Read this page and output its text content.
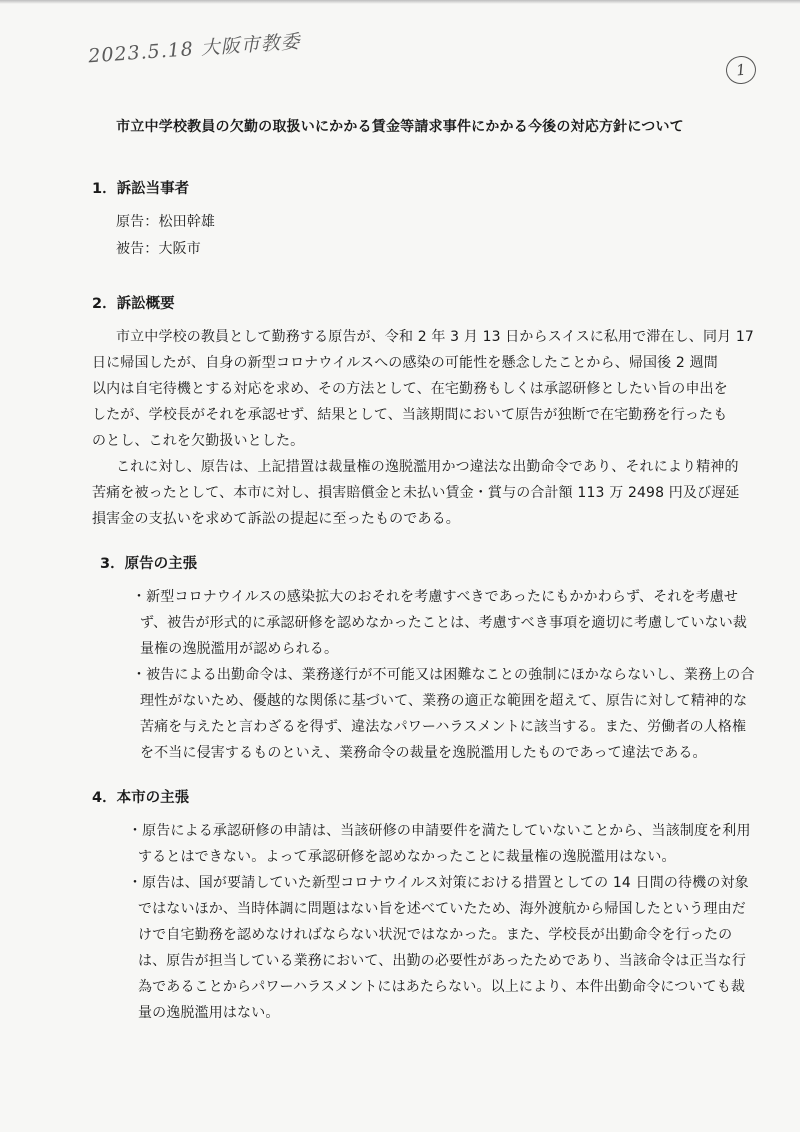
2023.5.18 大阪市教委
1
市立中学校教員の欠勤の取扱いにかかる賃金等請求事件にかかる今後の対応方針について
1．訴訟当事者
原告：松田幹雄
被告：大阪市
2．訴訟概要
市立中学校の教員として勤務する原告が、令和 2 年 3 月 13 日からスイスに私用で滞在し、同月 17
日に帰国したが、自身の新型コロナウイルスへの感染の可能性を懸念したことから、帰国後 2 週間
以内は自宅待機とする対応を求め、その方法として、在宅勤務もしくは承認研修としたい旨の申出を
したが、学校長がそれを承認せず、結果として、当該期間において原告が独断で在宅勤務を行ったも
のとし、これを欠勤扱いとした。
これに対し、原告は、上記措置は裁量権の逸脱濫用かつ違法な出勤命令であり、それにより精神的
苦痛を被ったとして、本市に対し、損害賠償金と未払い賃金・賞与の合計額 113 万 2498 円及び遅延
損害金の支払いを求めて訴訟の提起に至ったものである。
3．原告の主張
・新型コロナウイルスの感染拡大のおそれを考慮すべきであったにもかかわらず、それを考慮せ
ず、被告が形式的に承認研修を認めなかったことは、考慮すべき事項を適切に考慮していない裁
量権の逸脱濫用が認められる。
・被告による出勤命令は、業務遂行が不可能又は困難なことの強制にほかならないし、業務上の合
理性がないため、優越的な関係に基づいて、業務の適正な範囲を超えて、原告に対して精神的な
苦痛を与えたと言わざるを得ず、違法なパワーハラスメントに該当する。また、労働者の人格権
を不当に侵害するものといえ、業務命令の裁量を逸脱濫用したものであって違法である。
4．本市の主張
・原告による承認研修の申請は、当該研修の申請要件を満たしていないことから、当該制度を利用
するとはできない。よって承認研修を認めなかったことに裁量権の逸脱濫用はない。
・原告は、国が要請していた新型コロナウイルス対策における措置としての 14 日間の待機の対象
ではないほか、当時体調に問題はない旨を述べていたため、海外渡航から帰国したという理由だ
けで自宅勤務を認めなければならない状況ではなかった。また、学校長が出勤命令を行ったの
は、原告が担当している業務において、出勤の必要性があったためであり、当該命令は正当な行
為であることからパワーハラスメントにはあたらない。以上により、本件出勤命令についても裁
量の逸脱濫用はない。
